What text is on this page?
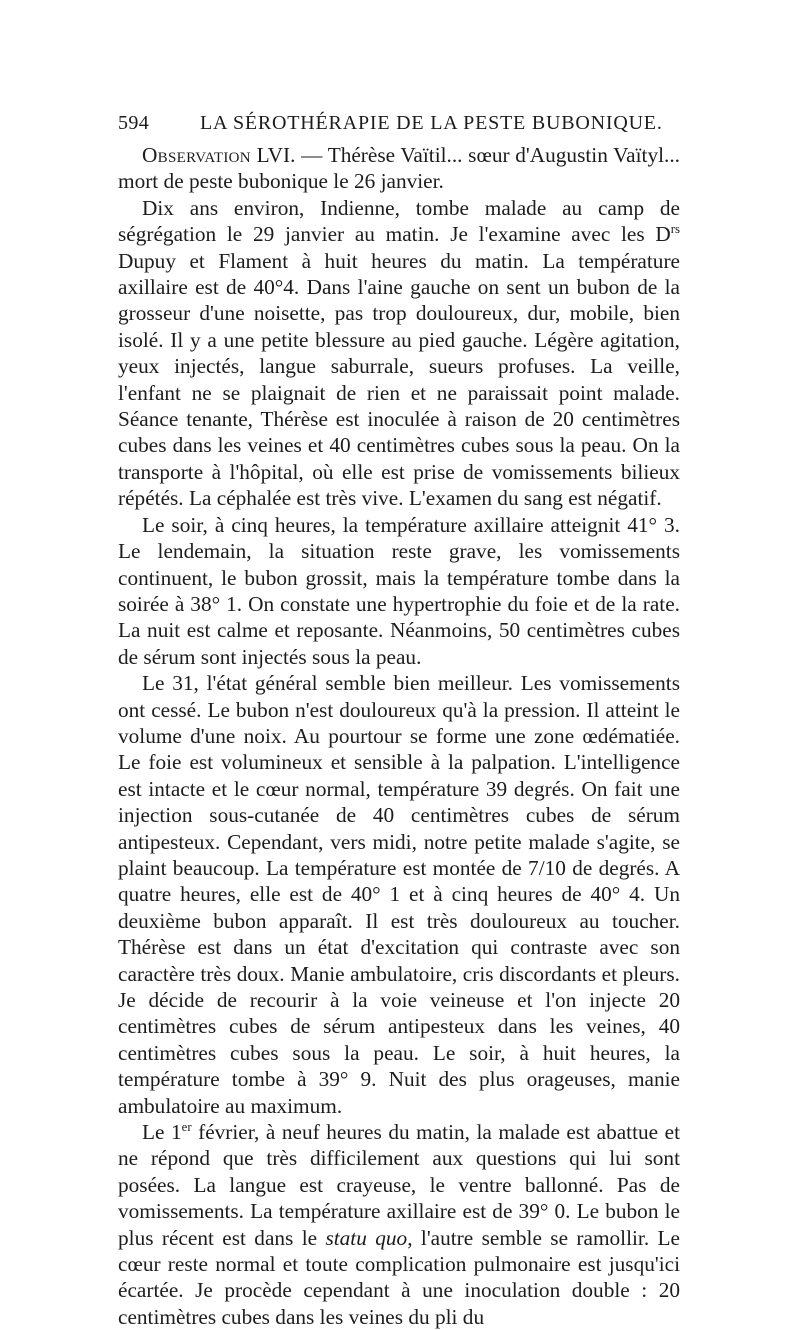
594	LA SÉROTHÉRAPIE DE LA PESTE BUBONIQUE.

Observation LVI. — Thérèse Vaïtil... sœur d'Augustin Vaïtyl... mort de peste bubonique le 26 janvier.

Dix ans environ, Indienne, tombe malade au camp de ségrégation le 29 janvier au matin. Je l'examine avec les $D^{rs}$ Dupuy et Flament à huit heures du matin. La température axillaire est de 40°4. Dans l'aine gauche on sent un bubon de la grosseur d'une noisette, pas trop douloureux, dur, mobile, bien isolé. Il y a une petite blessure au pied gauche. Légère agitation, yeux injectés, langue saburrale, sueurs profuses. La veille, l'enfant ne se plaignait de rien et ne paraissait point malade. Séance tenante, Thérèse est inoculée à raison de 20 centimètres cubes dans les veines et 40 centimètres cubes sous la peau. On la transporte à l'hôpital, où elle est prise de vomissements bilieux répétés. La céphalée est très vive. L'examen du sang est négatif.

Le soir, à cinq heures, la température axillaire atteignit 41° 3. Le lendemain, la situation reste grave, les vomissements continuent, le bubon grossit, mais la température tombe dans la soirée à 38° 1. On constate une hypertrophie du foie et de la rate. La nuit est calme et reposante. Néanmoins, 50 centimètres cubes de sérum sont injectés sous la peau.

Le 31, l'état général semble bien meilleur. Les vomissements ont cessé. Le bubon n'est douloureux qu'à la pression. Il atteint le volume d'une noix. Au pourtour se forme une zone œdématiée. Le foie est volumineux et sensible à la palpation. L'intelligence est intacte et le cœur normal, température 39 degrés. On fait une injection sous-cutanée de 40 centimètres cubes de sérum antipesteux. Cependant, vers midi, notre petite malade s'agite, se plaint beaucoup. La température est montée de 7/10 de degrés. A quatre heures, elle est de 40° 1 et à cinq heures de 40° 4. Un deuxième bubon apparaît. Il est très douloureux au toucher. Thérèse est dans un état d'excitation qui contraste avec son caractère très doux. Manie ambulatoire, cris discordants et pleurs. Je décide de recourir à la voie veineuse et l'on injecte 20 centimètres cubes de sérum antipesteux dans les veines, 40 centimètres cubes sous la peau. Le soir, à huit heures, la température tombe à 39° 9. Nuit des plus orageuses, manie ambulatoire au maximum.

Le 1er février, à neuf heures du matin, la malade est abattue et ne répond que très difficilement aux questions qui lui sont posées. La langue est crayeuse, le ventre ballonné. Pas de vomissements. La température axillaire est de 39° 0. Le bubon le plus récent est dans le statu quo, l'autre semble se ramollir. Le cœur reste normal et toute complication pulmonaire est jusqu'ici écartée. Je procède cependant à une inoculation double : 20 centimètres cubes dans les veines du pli du
